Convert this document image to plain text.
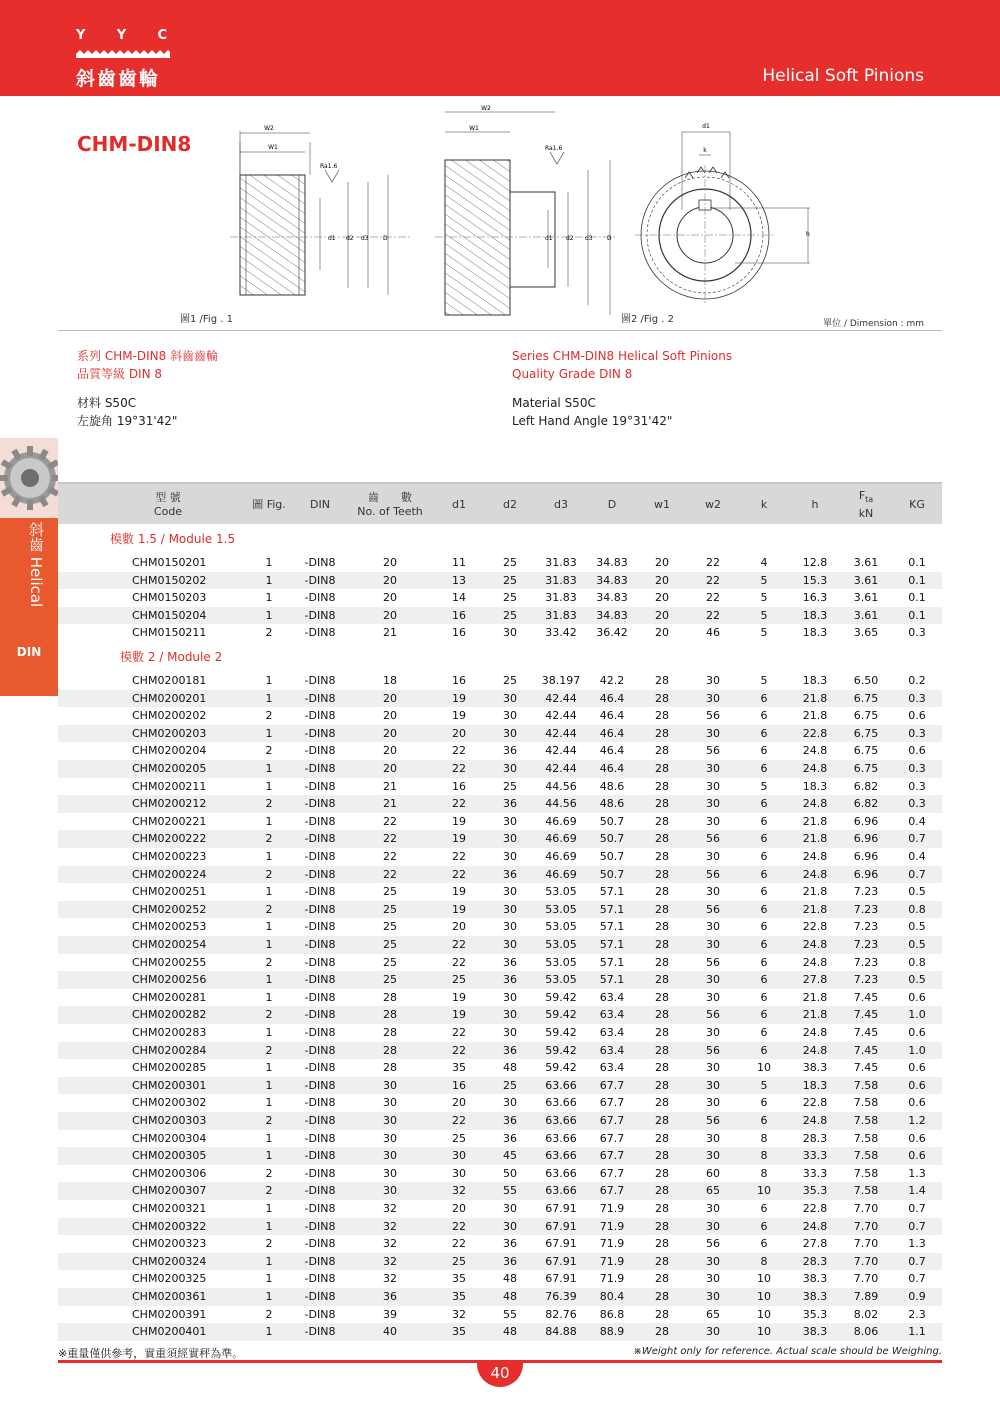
Y Y C
斜齒齒輪	Helical Soft Pinions
CHM-DIN8
W2
W1
Ra1.6
d1 d2 d3 D
W2
W1
Ra1.6
d1 d2 d3 D
d1
k
h
圖1 /Fig . 1	圖2 /Fig . 2	單位 / Dimension : mm
系列 CHM-DIN8 斜齒齒輪
品質等級 DIN 8
材料 S50C
左旋角 19°31'42"
Series CHM-DIN8 Helical Soft Pinions
Quality Grade DIN 8
Material S50C
Left Hand Angle 19°31'42"
斜齒 Helical
DIN
型 號
Code
圖 Fig.	DIN
齒　　數
No. of Teeth
d1	d2	d3	D	w1	w2	k	h
$F_{ta}$
kN
KG
模數 1.5 / Module 1.5
CHM0150201	1	-DIN8	20	11	25	31.83	34.83	20	22	4	12.8	3.61	0.1
CHM0150202	1	-DIN8	20	13	25	31.83	34.83	20	22	5	15.3	3.61	0.1
CHM0150203	1	-DIN8	20	14	25	31.83	34.83	20	22	5	16.3	3.61	0.1
CHM0150204	1	-DIN8	20	16	25	31.83	34.83	20	22	5	18.3	3.61	0.1
CHM0150211	2	-DIN8	21	16	30	33.42	36.42	20	46	5	18.3	3.65	0.3
模數 2 / Module 2
CHM0200181	1	-DIN8	18	16	25	38.197	42.2	28	30	5	18.3	6.50	0.2
CHM0200201	1	-DIN8	20	19	30	42.44	46.4	28	30	6	21.8	6.75	0.3
CHM0200202	2	-DIN8	20	19	30	42.44	46.4	28	56	6	21.8	6.75	0.6
CHM0200203	1	-DIN8	20	20	30	42.44	46.4	28	30	6	22.8	6.75	0.3
CHM0200204	2	-DIN8	20	22	36	42.44	46.4	28	56	6	24.8	6.75	0.6
CHM0200205	1	-DIN8	20	22	30	42.44	46.4	28	30	6	24.8	6.75	0.3
CHM0200211	1	-DIN8	21	16	25	44.56	48.6	28	30	5	18.3	6.82	0.3
CHM0200212	2	-DIN8	21	22	36	44.56	48.6	28	30	6	24.8	6.82	0.3
CHM0200221	1	-DIN8	22	19	30	46.69	50.7	28	30	6	21.8	6.96	0.4
CHM0200222	2	-DIN8	22	19	30	46.69	50.7	28	56	6	21.8	6.96	0.7
CHM0200223	1	-DIN8	22	22	30	46.69	50.7	28	30	6	24.8	6.96	0.4
CHM0200224	2	-DIN8	22	22	36	46.69	50.7	28	56	6	24.8	6.96	0.7
CHM0200251	1	-DIN8	25	19	30	53.05	57.1	28	30	6	21.8	7.23	0.5
CHM0200252	2	-DIN8	25	19	30	53.05	57.1	28	56	6	21.8	7.23	0.8
CHM0200253	1	-DIN8	25	20	30	53.05	57.1	28	30	6	22.8	7.23	0.5
CHM0200254	1	-DIN8	25	22	30	53.05	57.1	28	30	6	24.8	7.23	0.5
CHM0200255	2	-DIN8	25	22	36	53.05	57.1	28	56	6	24.8	7.23	0.8
CHM0200256	1	-DIN8	25	25	36	53.05	57.1	28	30	6	27.8	7.23	0.5
CHM0200281	1	-DIN8	28	19	30	59.42	63.4	28	30	6	21.8	7.45	0.6
CHM0200282	2	-DIN8	28	19	30	59.42	63.4	28	56	6	21.8	7.45	1.0
CHM0200283	1	-DIN8	28	22	30	59.42	63.4	28	30	6	24.8	7.45	0.6
CHM0200284	2	-DIN8	28	22	36	59.42	63.4	28	56	6	24.8	7.45	1.0
CHM0200285	1	-DIN8	28	35	48	59.42	63.4	28	30	10	38.3	7.45	0.6
CHM0200301	1	-DIN8	30	16	25	63.66	67.7	28	30	5	18.3	7.58	0.6
CHM0200302	1	-DIN8	30	20	30	63.66	67.7	28	30	6	22.8	7.58	0.6
CHM0200303	2	-DIN8	30	22	36	63.66	67.7	28	56	6	24.8	7.58	1.2
CHM0200304	1	-DIN8	30	25	36	63.66	67.7	28	30	8	28.3	7.58	0.6
CHM0200305	1	-DIN8	30	30	45	63.66	67.7	28	30	8	33.3	7.58	0.6
CHM0200306	2	-DIN8	30	30	50	63.66	67.7	28	60	8	33.3	7.58	1.3
CHM0200307	2	-DIN8	30	32	55	63.66	67.7	28	65	10	35.3	7.58	1.4
CHM0200321	1	-DIN8	32	20	30	67.91	71.9	28	30	6	22.8	7.70	0.7
CHM0200322	1	-DIN8	32	22	30	67.91	71.9	28	30	6	24.8	7.70	0.7
CHM0200323	2	-DIN8	32	22	36	67.91	71.9	28	56	6	27.8	7.70	1.3
CHM0200324	1	-DIN8	32	25	36	67.91	71.9	28	30	8	28.3	7.70	0.7
CHM0200325	1	-DIN8	32	35	48	67.91	71.9	28	30	10	38.3	7.70	0.7
CHM0200361	1	-DIN8	36	35	48	76.39	80.4	28	30	10	38.3	7.89	0.9
CHM0200391	2	-DIN8	39	32	55	82.76	86.8	28	65	10	35.3	8.02	2.3
CHM0200401	1	-DIN8	40	35	48	84.88	88.9	28	30	10	38.3	8.06	1.1
※重量僅供參考，實重須經實秤為準。	※Weight only for reference. Actual scale should be Weighing.
40
